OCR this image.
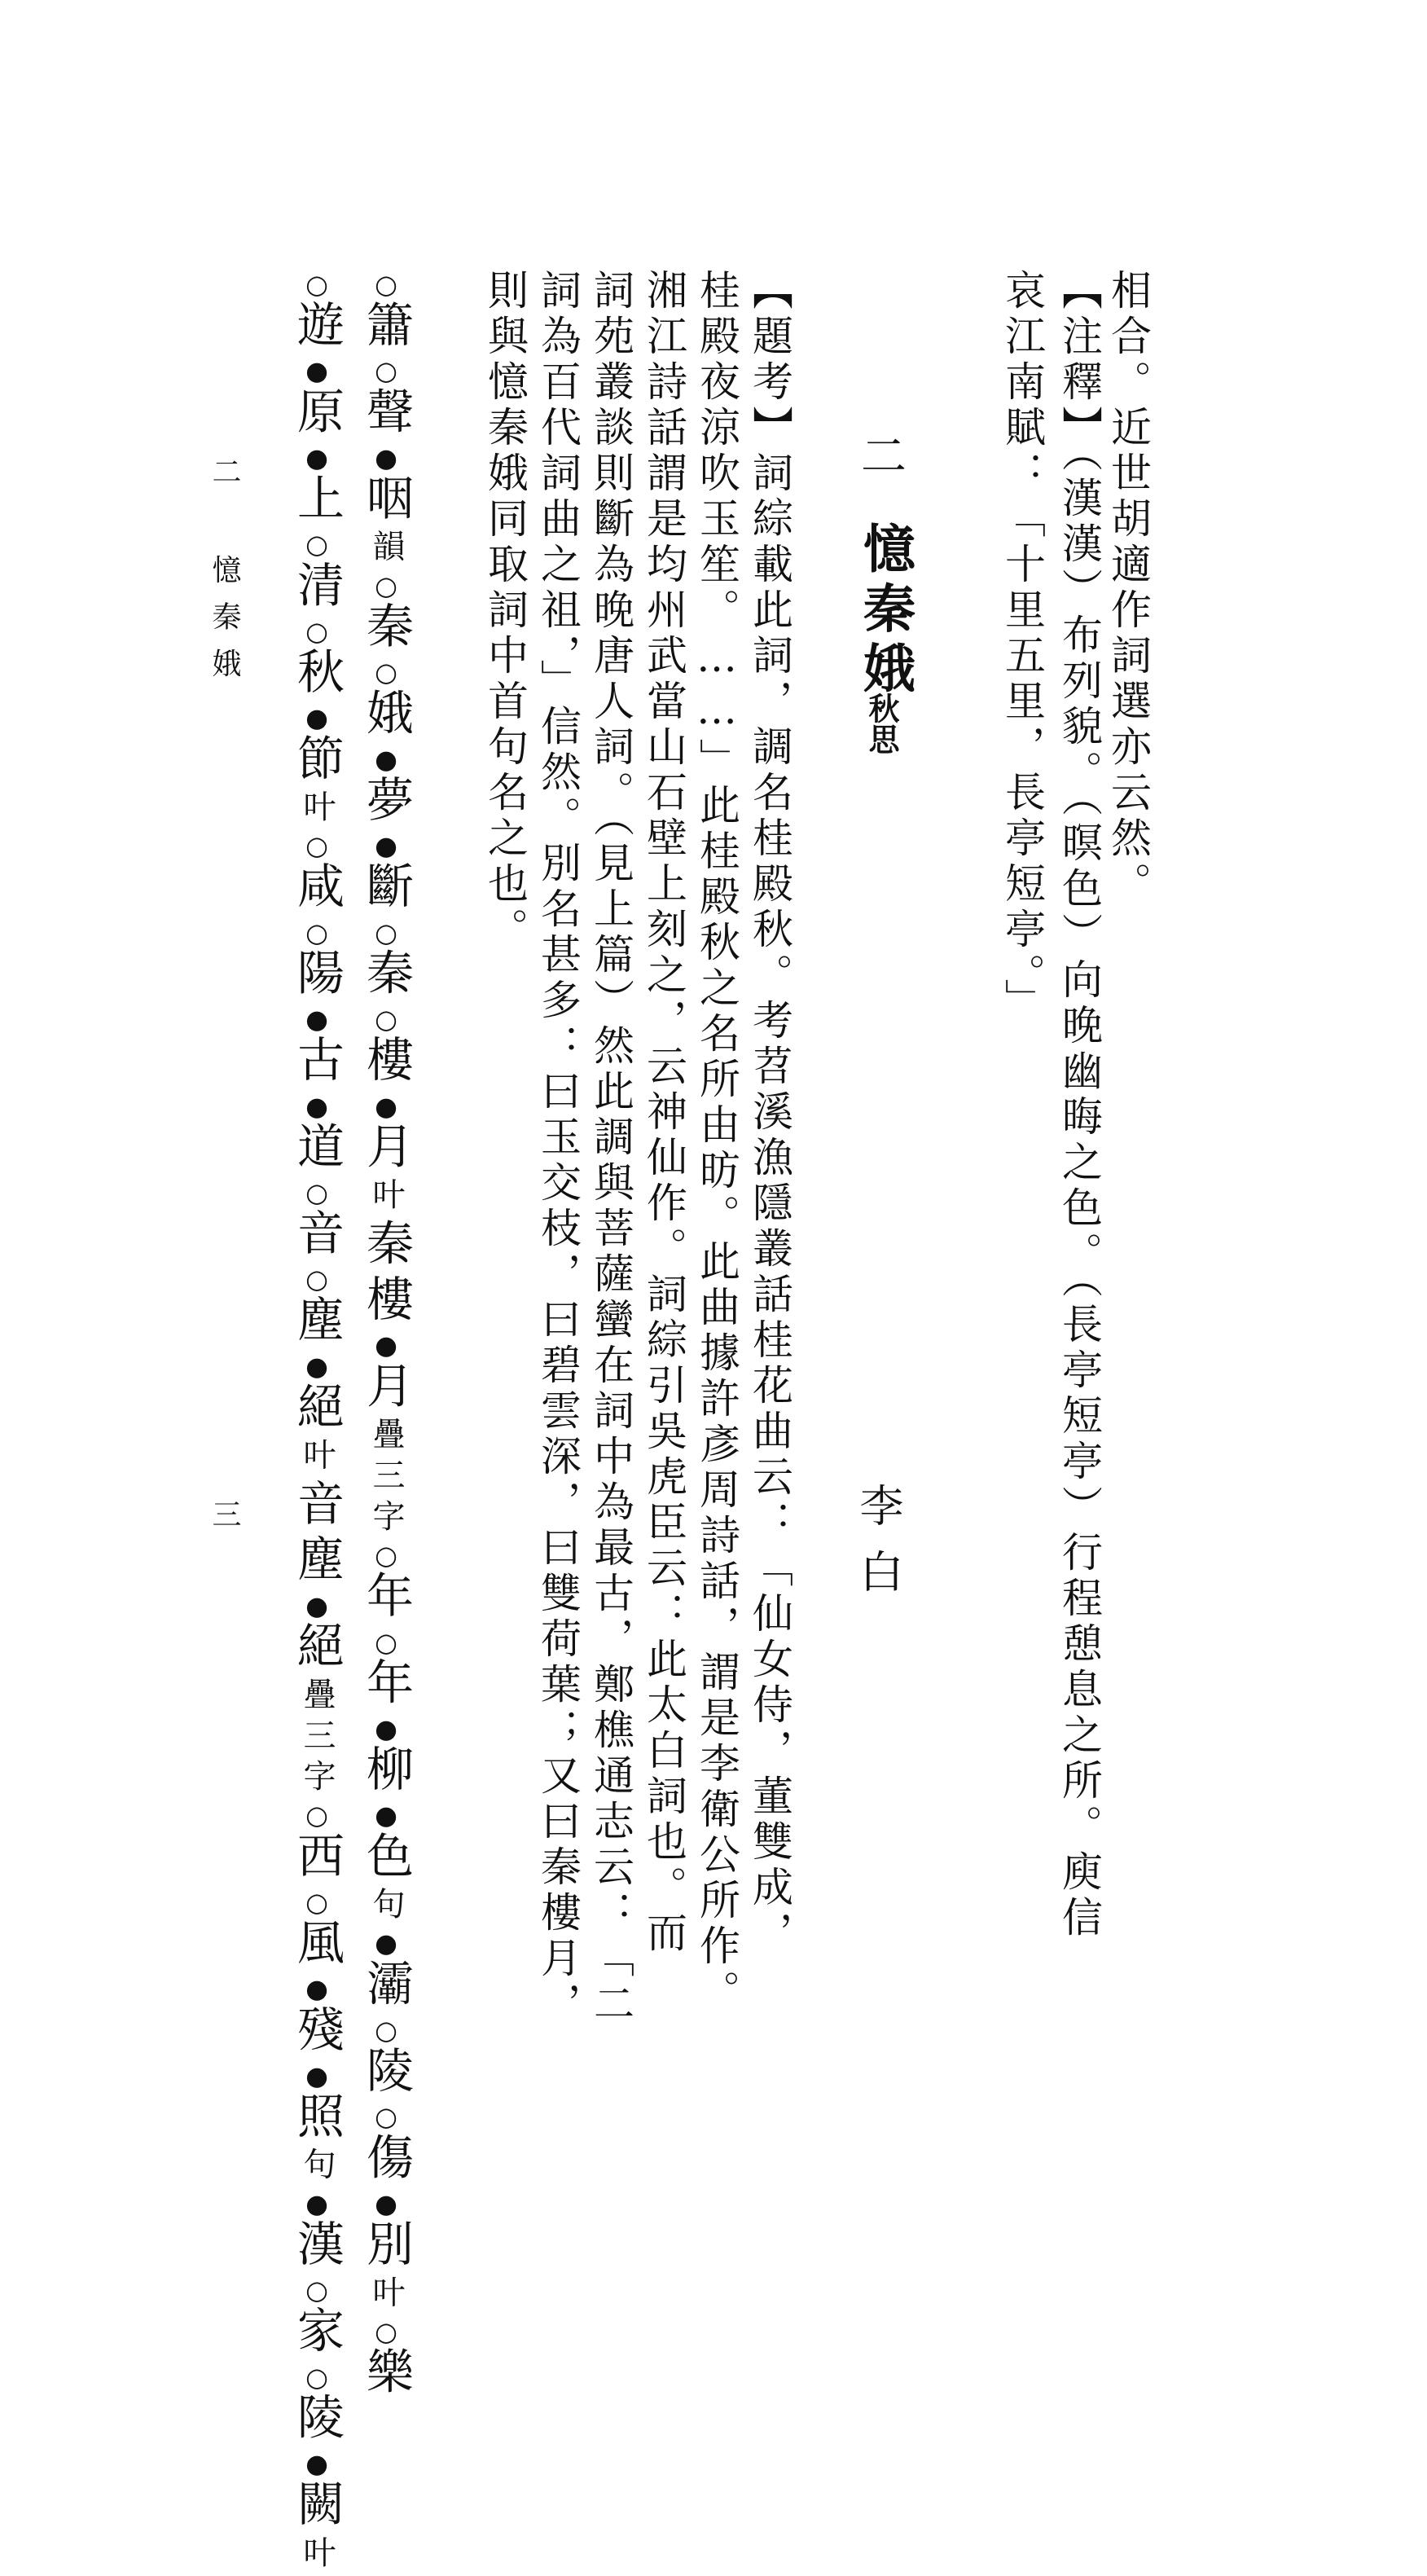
相合。近世胡適作詞選亦云然。
【注釋】（漢漢）布列貌。（暝色）向晚幽晦之色。（長亭短亭）行程憩息之所。庾信
哀江南賦：「十里五里，長亭短亭。」
二
憶秦娥
秋思
李白
【題考】詞綜載此詞，調名桂殿秋。考苕溪漁隱叢話桂花曲云：「仙女侍，董雙成，
桂殿夜涼吹玉笙。……」此桂殿秋之名所由昉。此曲據許彥周詩話，謂是李衛公所作。
湘江詩話謂是均州武當山石壁上刻之，云神仙作。詞綜引吳虎臣云：此太白詞也。而
詞苑叢談則斷為晚唐人詞。（見上篇）然此調與菩薩蠻在詞中為最古，鄭樵通志云：「二
詞為百代詞曲之祖，」信然。別名甚多：曰玉交枝，曰碧雲深，曰雙荷葉；又曰秦樓月，
則與憶秦娥同取詞中首句名之也。
○簫○聲●咽韻○秦○娥●夢●斷○秦○樓●月叶秦樓●月疊三字○年○年●柳●色句●灞○陵○傷●別叶○樂
○遊●原●上○清○秋●節叶○咸○陽●古●道○音○塵●絕叶音塵●絕疊三字○西○風●殘●照句●漢○家○陵●闕叶
二 憶秦娥
三
